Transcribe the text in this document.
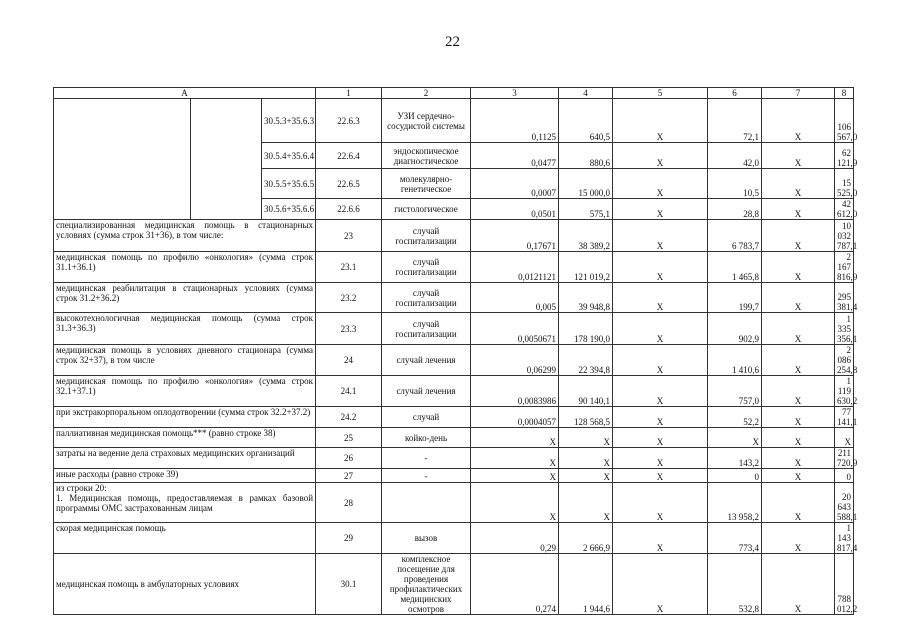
22
А			1	2	3	4	5	6	7	8	
		30.5.3+35.6.3	22.6.3	УЗИ сердечно-сосудистой системы	0,1125	640,5	Х	72,1	Х	106 567,0	
		30.5.4+35.6.4	22.6.4	эндоскопическое диагностическое	0,0477	880,6	Х	42,0	Х	62 121,9	
		30.5.5+35.6.5	22.6.5	молекулярно-генетическое	0,0007	15 000,0	Х	10,5	Х	15 525,0	
		30.5.6+35.6.6	22.6.6	гистологическое	0,0501	575,1	Х	28,8	Х	42 612,0	
специализированная медицинская помощь в стационарных условиях (сумма строк 31+36), в том числе:			23	случай госпитализации	0,17671	38 389,2	Х	6 783,7	Х	10 032 787,1	
медицинская помощь по профилю «онкология» (сумма строк 31.1+36.1)			23.1	случай госпитализации	0,0121121	121 019,2	Х	1 465,8	Х	2 167 816,9	
медицинская реабилитация в стационарных условиях (сумма строк 31.2+36.2)			23.2	случай госпитализации	0,005	39 948,8	Х	199,7	Х	295 381,4	
высокотехнологичная медицинская помощь (сумма строк 31.3+36.3)			23.3	случай госпитализации	0,0050671	178 190,0	Х	902,9	Х	1 335 356,1	
медицинская помощь в условиях дневного стационара (сумма строк 32+37), в том числе			24	случай лечения	0,06299	22 394,8	Х	1 410,6	Х	2 086 254,8	
медицинская помощь по профилю «онкология» (сумма строк 32.1+37.1)			24.1	случай лечения	0,0083986	90 140,1	Х	757,0	Х	1 119 630,2	
при экстракорпоральном оплодотворении (сумма строк 32.2+37.2)			24.2	случай	0,0004057	128 568,5	Х	52,2	Х	77 141,1	
паллиативная медицинская помощь*** (равно строке 38)			25	койко-день	Х	Х	Х	Х	Х	Х	
затраты на ведение дела страховых медицинских организаций			26	-	Х	Х	Х	143,2	Х	211 720,9	
иные расходы (равно строке 39)			27	-	Х	Х	Х	0	Х	0	
из строки 20:
1. Медицинская помощь, предоставляемая в рамках базовой программы ОМС застрахованным лицам			28		Х	Х	Х	13 958,2	Х	20 643 588,1	
скорая медицинская помощь			29	вызов	0,29	2 666,9	Х	773,4	Х	1 143 817,4	
медицинская помощь в амбулаторных условиях			30.1	комплексное посещение для проведения профилактических медицинских осмотров	0,274	1 944,6	Х	532,8	Х	788 012,2	
